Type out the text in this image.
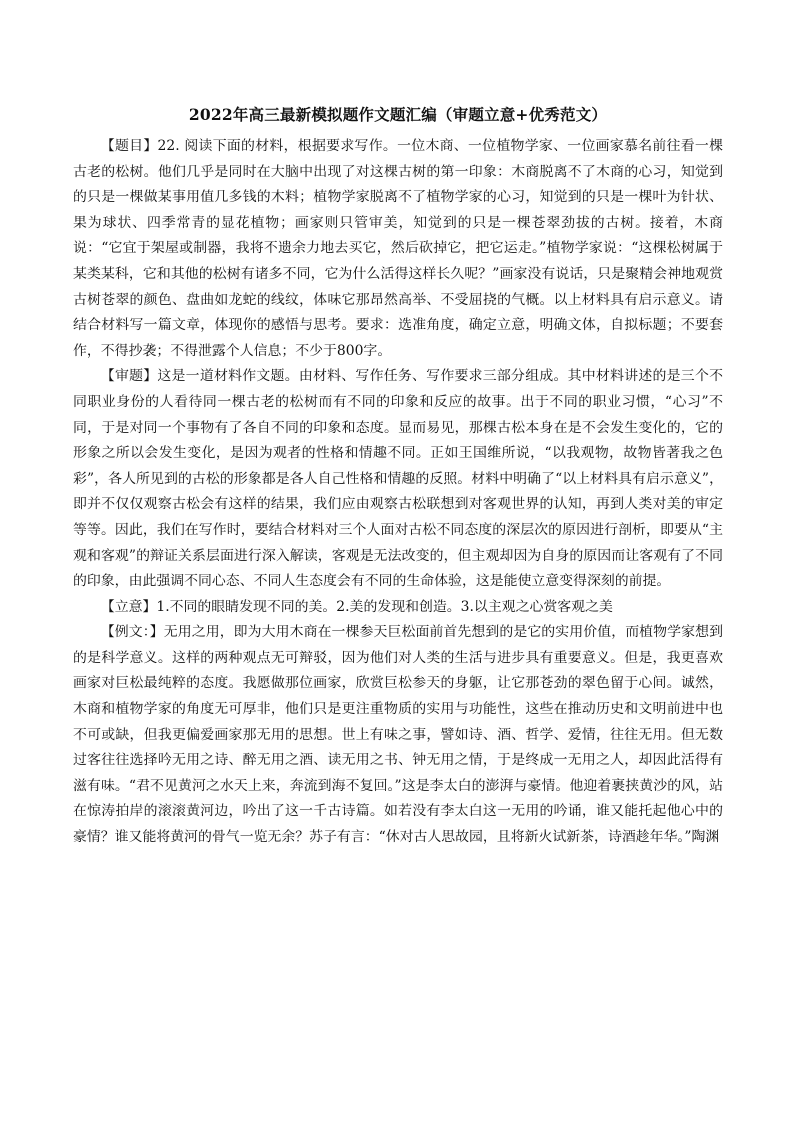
2022年高三最新模拟题作文题汇编（审题立意+优秀范文）

【题目】22. 阅读下面的材料，根据要求写作。一位木商、一位植物学家、一位画家慕名前往看一棵古老的松树。他们几乎是同时在大脑中出现了对这棵古树的第一印象：木商脱离不了木商的心习，知觉到的只是一棵做某事用值几多钱的木料；植物学家脱离不了植物学家的心习，知觉到的只是一棵叶为针状、果为球状、四季常青的显花植物；画家则只管审美，知觉到的只是一棵苍翠劲拔的古树。接着，木商说：“它宜于架屋或制器，我将不遗余力地去买它，然后砍掉它，把它运走。”植物学家说：“这棵松树属于某类某科，它和其他的松树有诸多不同，它为什么活得这样长久呢？”画家没有说话，只是聚精会神地观赏古树苍翠的颜色、盘曲如龙蛇的线纹，体味它那昂然高举、不受屈挠的气概。以上材料具有启示意义。请结合材料写一篇文章，体现你的感悟与思考。要求：选准角度，确定立意，明确文体，自拟标题；不要套作，不得抄袭；不得泄露个人信息；不少于800字。

【审题】这是一道材料作文题。由材料、写作任务、写作要求三部分组成。其中材料讲述的是三个不同职业身份的人看待同一棵古老的松树而有不同的印象和反应的故事。出于不同的职业习惯，“心习”不同，于是对同一个事物有了各自不同的印象和态度。显而易见，那棵古松本身在是不会发生变化的，它的形象之所以会发生变化，是因为观者的性格和情趣不同。正如王国维所说，“以我观物，故物皆著我之色彩”，各人所见到的古松的形象都是各人自己性格和情趣的反照。材料中明确了“以上材料具有启示意义”，即并不仅仅观察古松会有这样的结果，我们应由观察古松联想到对客观世界的认知，再到人类对美的审定等等。因此，我们在写作时，要结合材料对三个人面对古松不同态度的深层次的原因进行剖析，即要从“主观和客观”的辩证关系层面进行深入解读，客观是无法改变的，但主观却因为自身的原因而让客观有了不同的印象，由此强调不同心态、不同人生态度会有不同的生命体验，这是能使立意变得深刻的前提。

【立意】1.不同的眼睛发现不同的美。2.美的发现和创造。3.以主观之心赏客观之美

【例文：】无用之用，即为大用木商在一棵参天巨松面前首先想到的是它的实用价值，而植物学家想到的是科学意义。这样的两种观点无可辩驳，因为他们对人类的生活与进步具有重要意义。但是，我更喜欢画家对巨松最纯粹的态度。我愿做那位画家，欣赏巨松参天的身躯，让它那苍劲的翠色留于心间。诚然，木商和植物学家的角度无可厚非，他们只是更注重物质的实用与功能性，这些在推动历史和文明前进中也不可或缺，但我更偏爱画家那无用的思想。世上有味之事，譬如诗、酒、哲学、爱情，往往无用。但无数过客往往选择吟无用之诗、醉无用之酒、读无用之书、钟无用之情，于是终成一无用之人，却因此活得有滋有味。“君不见黄河之水天上来，奔流到海不复回。”这是李太白的澎湃与豪情。他迎着裹挟黄沙的风，站在惊涛拍岸的滚滚黄河边，吟出了这一千古诗篇。如若没有李太白这一无用的吟诵，谁又能托起他心中的豪情？谁又能将黄河的骨气一览无余？苏子有言：“休对古人思故园，且将新火试新茶，诗酒趁年华。”陶渊
